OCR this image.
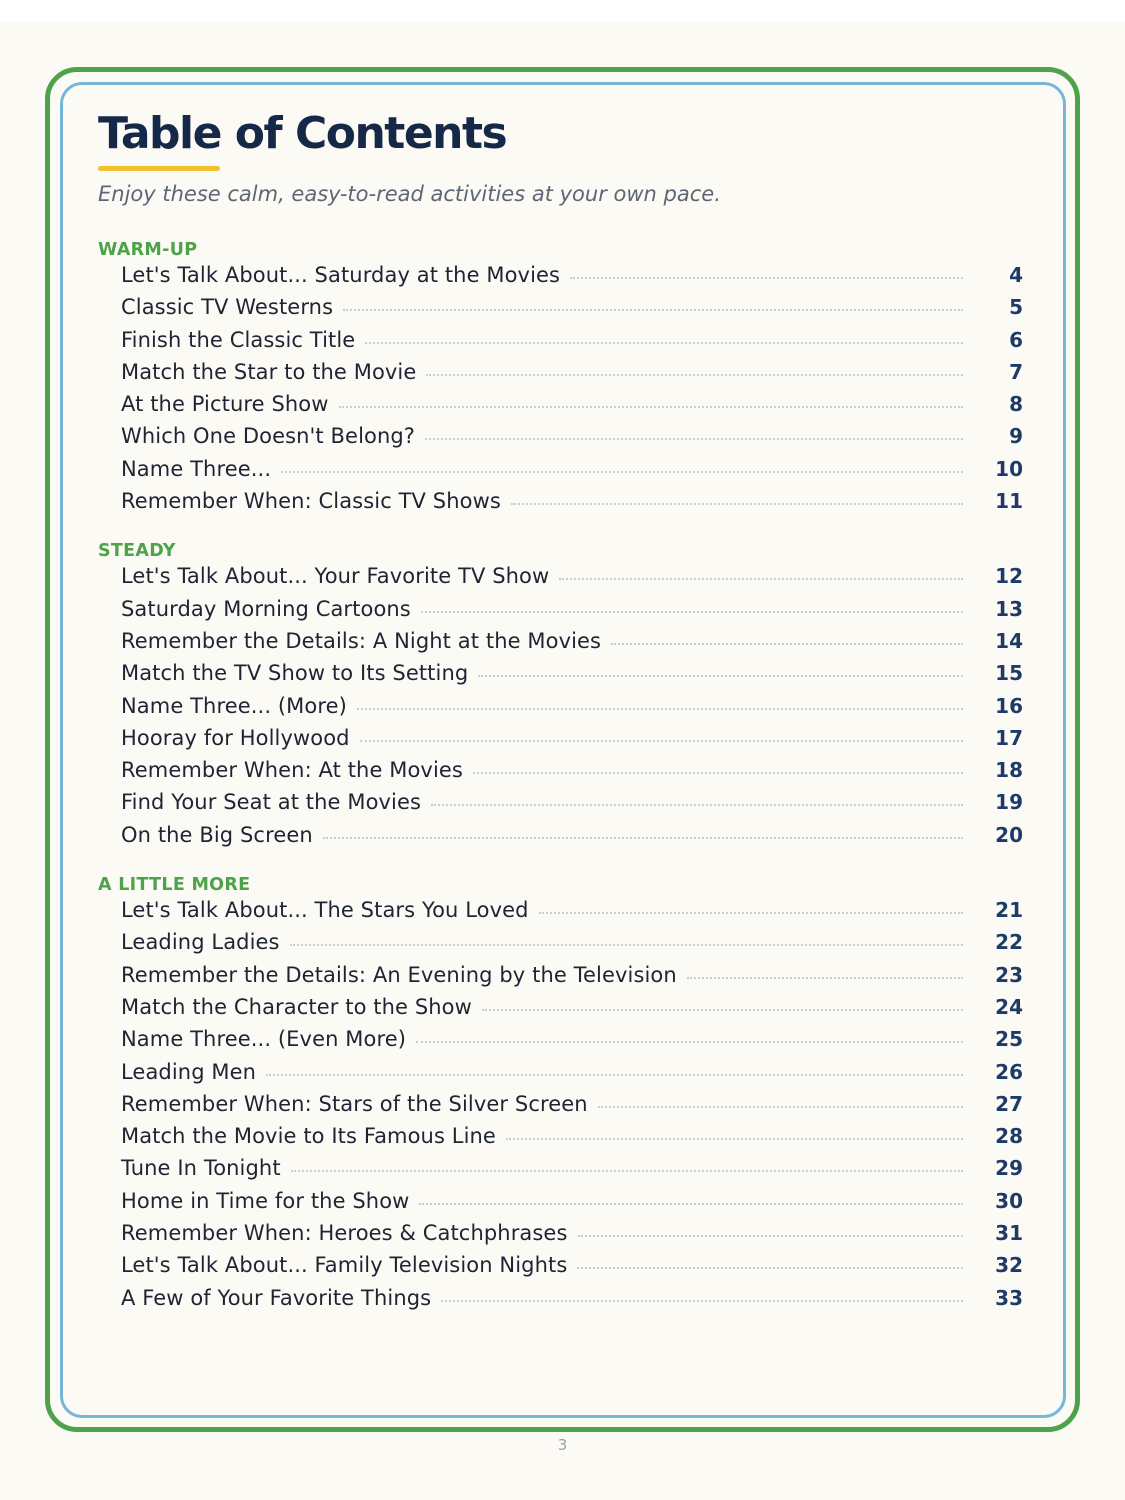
Table of Contents
Enjoy these calm, easy-to-read activities at your own pace.
WARM-UP
Let's Talk About... Saturday at the Movies	4
Classic TV Westerns	5
Finish the Classic Title	6
Match the Star to the Movie	7
At the Picture Show	8
Which One Doesn't Belong?	9
Name Three...	10
Remember When: Classic TV Shows	11
STEADY
Let's Talk About... Your Favorite TV Show	12
Saturday Morning Cartoons	13
Remember the Details: A Night at the Movies	14
Match the TV Show to Its Setting	15
Name Three... (More)	16
Hooray for Hollywood	17
Remember When: At the Movies	18
Find Your Seat at the Movies	19
On the Big Screen	20
A LITTLE MORE
Let's Talk About... The Stars You Loved	21
Leading Ladies	22
Remember the Details: An Evening by the Television	23
Match the Character to the Show	24
Name Three... (Even More)	25
Leading Men	26
Remember When: Stars of the Silver Screen	27
Match the Movie to Its Famous Line	28
Tune In Tonight	29
Home in Time for the Show	30
Remember When: Heroes & Catchphrases	31
Let's Talk About... Family Television Nights	32
A Few of Your Favorite Things	33
3
